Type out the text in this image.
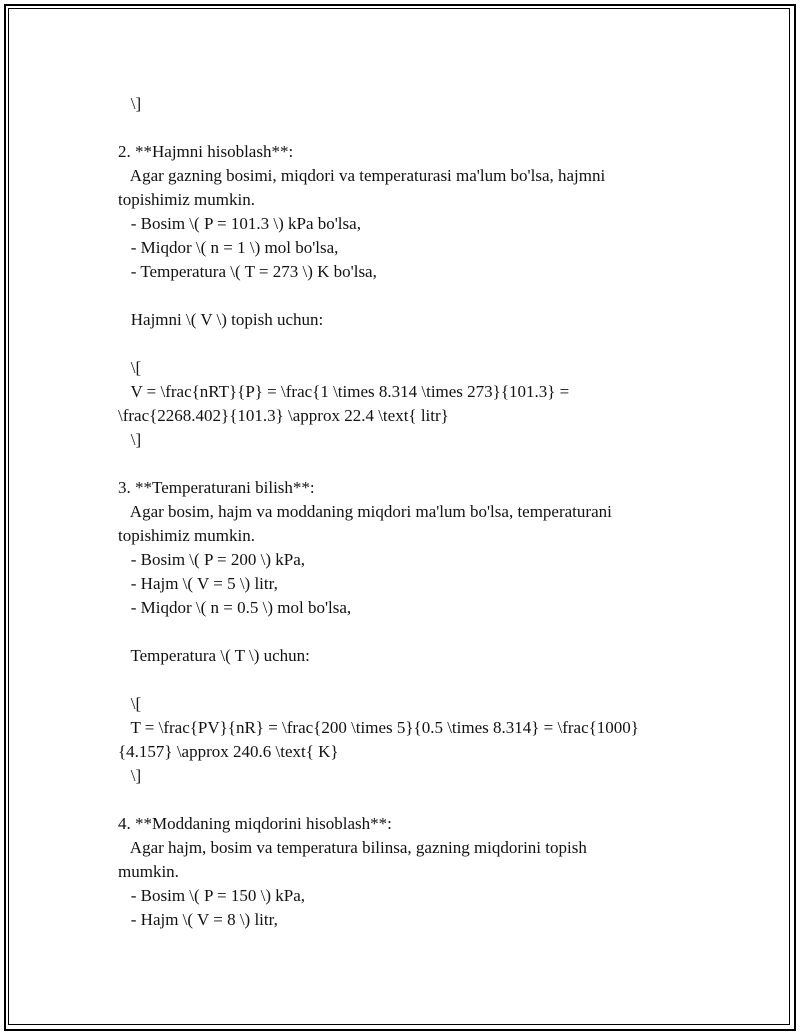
\]
2. **Hajmni hisoblash**:
Agar gazning bosimi, miqdori va temperaturasi ma'lum bo'lsa, hajmni
topishimiz mumkin.
- Bosim \( P = 101.3 \) kPa bo'lsa,
- Miqdor \( n = 1 \) mol bo'lsa,
- Temperatura \( T = 273 \) K bo'lsa,
Hajmni \( V \) topish uchun:
\[
V = \frac{nRT}{P} = \frac{1 \times 8.314 \times 273}{101.3} =
\frac{2268.402}{101.3} \approx 22.4 \text{ litr}
\]
3. **Temperaturani bilish**:
Agar bosim, hajm va moddaning miqdori ma'lum bo'lsa, temperaturani
topishimiz mumkin.
- Bosim \( P = 200 \) kPa,
- Hajm \( V = 5 \) litr,
- Miqdor \( n = 0.5 \) mol bo'lsa,
Temperatura \( T \) uchun:
\[
T = \frac{PV}{nR} = \frac{200 \times 5}{0.5 \times 8.314} = \frac{1000}
{4.157} \approx 240.6 \text{ K}
\]
4. **Moddaning miqdorini hisoblash**:
Agar hajm, bosim va temperatura bilinsa, gazning miqdorini topish
mumkin.
- Bosim \( P = 150 \) kPa,
- Hajm \( V = 8 \) litr,
